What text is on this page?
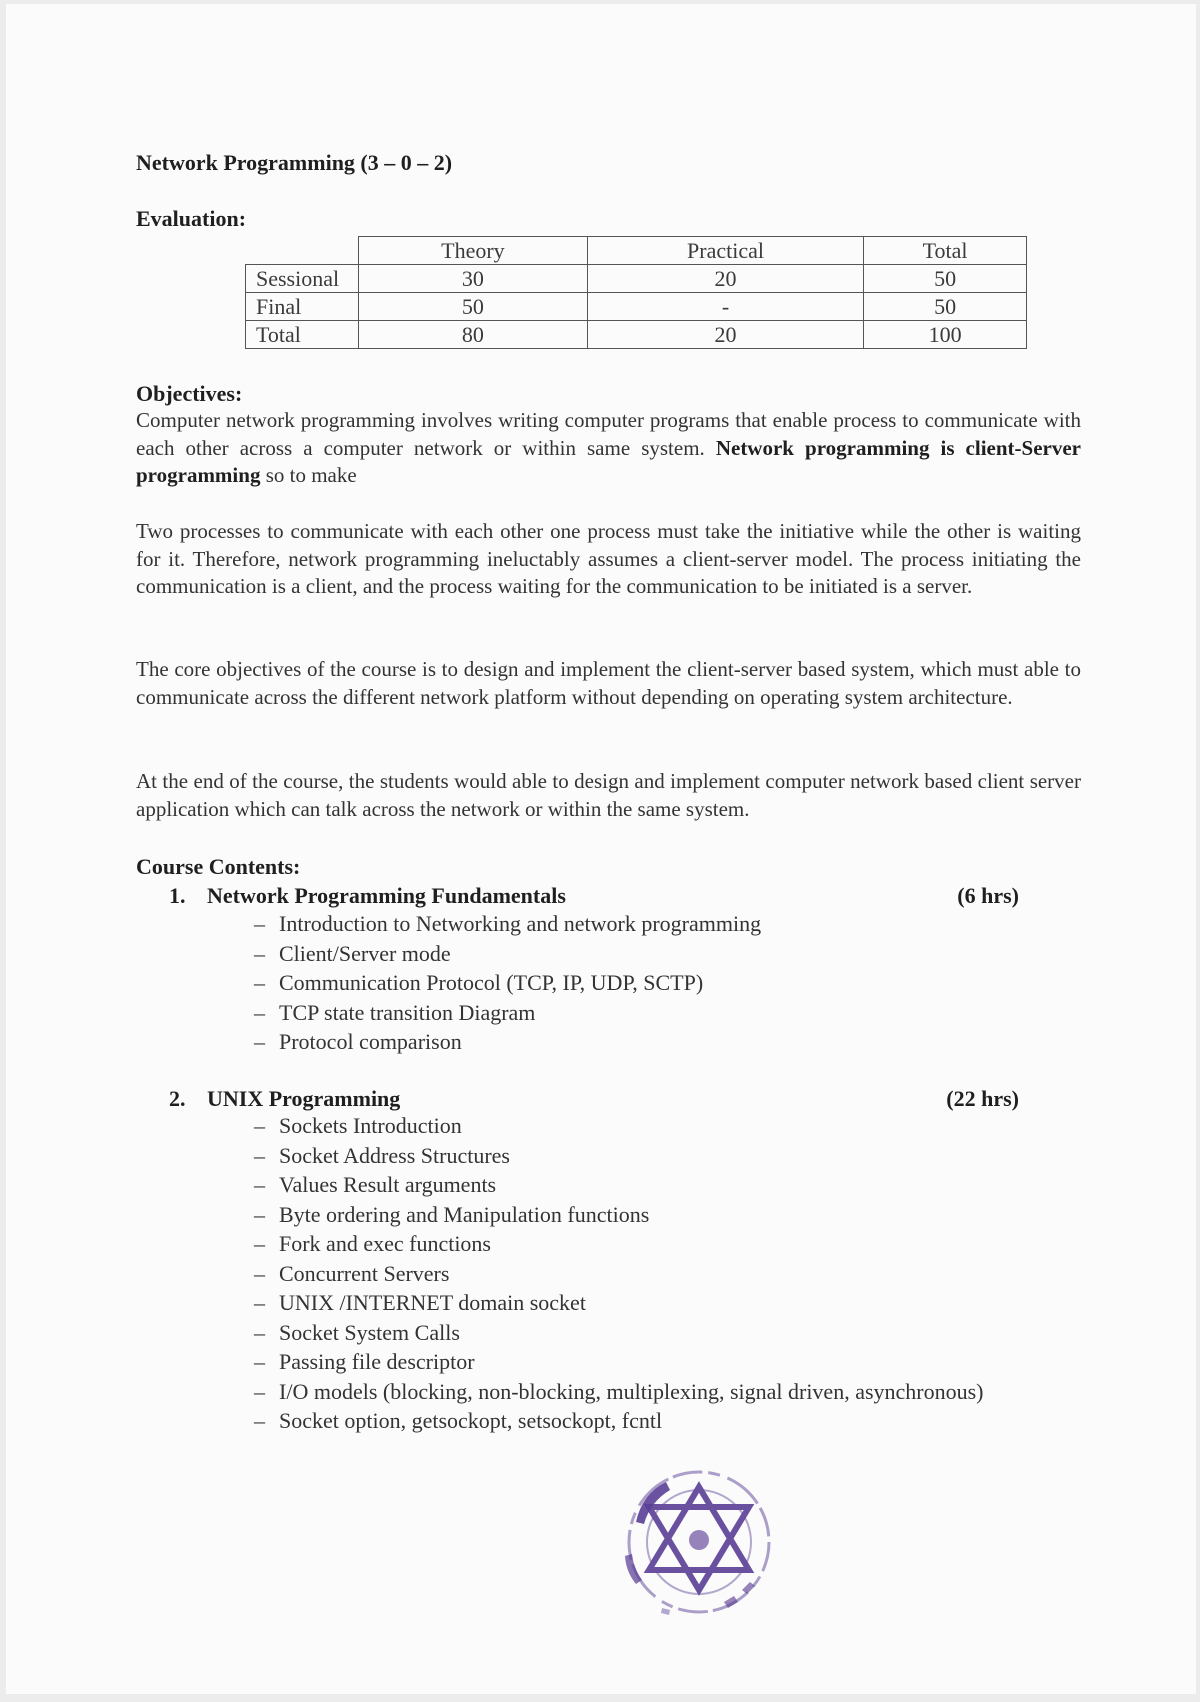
Network Programming (3 – 0 – 2)
Evaluation:
	Theory	Practical	Total
Sessional	30	20	50
Final	50	-	50
Total	80	20	100
Objectives:
Computer network programming involves writing computer programs that enable process to communicate with each other across a computer network or within same system. Network programming is client-Server programming so to make
Two processes to communicate with each other one process must take the initiative while the other is waiting for it. Therefore, network programming ineluctably assumes a client-server model. The process initiating the communication is a client, and the process waiting for the communication to be initiated is a server.
The core objectives of the course is to design and implement the client-server based system, which must able to communicate across the different network platform without depending on operating system architecture.
At the end of the course, the students would able to design and implement computer network based client server application which can talk across the network or within the same system.
Course Contents:
1. Network Programming Fundamentals	(6 hrs)
– Introduction to Networking and network programming
– Client/Server mode
– Communication Protocol (TCP, IP, UDP, SCTP)
– TCP state transition Diagram
– Protocol comparison
2. UNIX Programming	(22 hrs)
– Sockets Introduction
– Socket Address Structures
– Values Result arguments
– Byte ordering and Manipulation functions
– Fork and exec functions
– Concurrent Servers
– UNIX /INTERNET domain socket
– Socket System Calls
– Passing file descriptor
– I/O models (blocking, non-blocking, multiplexing, signal driven, asynchronous)
– Socket option, getsockopt, setsockopt, fcntl
